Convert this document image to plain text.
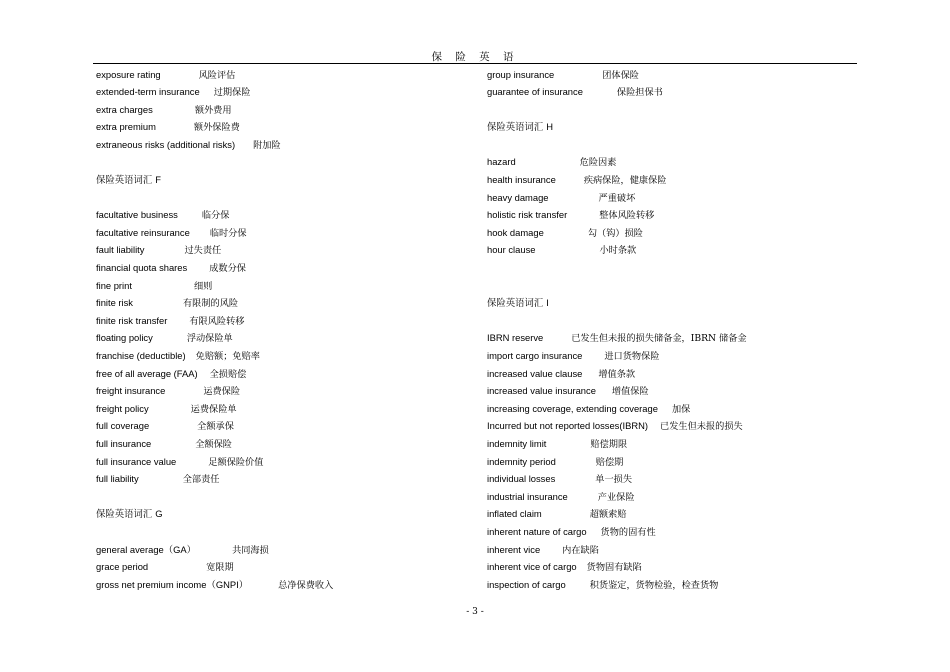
保 险 英 语
exposure rating	风险评估
extended-term insurance 过期保险
extra charges	额外费用
extra premium	额外保险费
extraneous risks (additional risks) 附加险
保险英语词汇 F
facultative business	临分保
facultative reinsurance 临时分保
fault liability	过失责任
financial quota shares 成数分保
fine print	细则
finite risk	有限制的风险
finite risk transfer 有限风险转移
floating policy	浮动保险单
franchise (deductible) 免赔额；免赔率
free of all average (FAA) 全损赔偿
freight insurance	运费保险
freight policy	运费保险单
full coverage	全额承保
full insurance	全额保险
full insurance value	足额保险价值
full liability	全部责任
保险英语词汇 G
general average（GA）	共同海损
grace period	宽限期
gross net premium income（GNPI）	总净保费收入
group insurance	团体保险
guarantee of insurance	保险担保书
保险英语词汇 H
hazard	危险因素
health insurance	疾病保险，健康保险
heavy damage	严重破坏
holistic risk transfer	整体风险转移
hook damage	勾（钩）损险
hour clause	小时条款
保险英语词汇 I
IBRN reserve	已发生但未报的损失储备金，IBRN 储备金
import cargo insurance 进口货物保险
increased value clause 增值条款
increased value insurance 增值保险
increasing coverage, extending coverage 加保
Incurred but not reported losses(IBRN) 已发生但未报的损失
indemnity limit	赔偿期限
indemnity period	赔偿期
individual losses	单一损失
industrial insurance	产业保险
inflated claim	超额索赔
inherent nature of cargo 货物的固有性
inherent vice 内在缺陷
inherent vice of cargo 货物固有缺陷
inspection of cargo	积货鉴定，货物检验，检查货物
- 3 -
